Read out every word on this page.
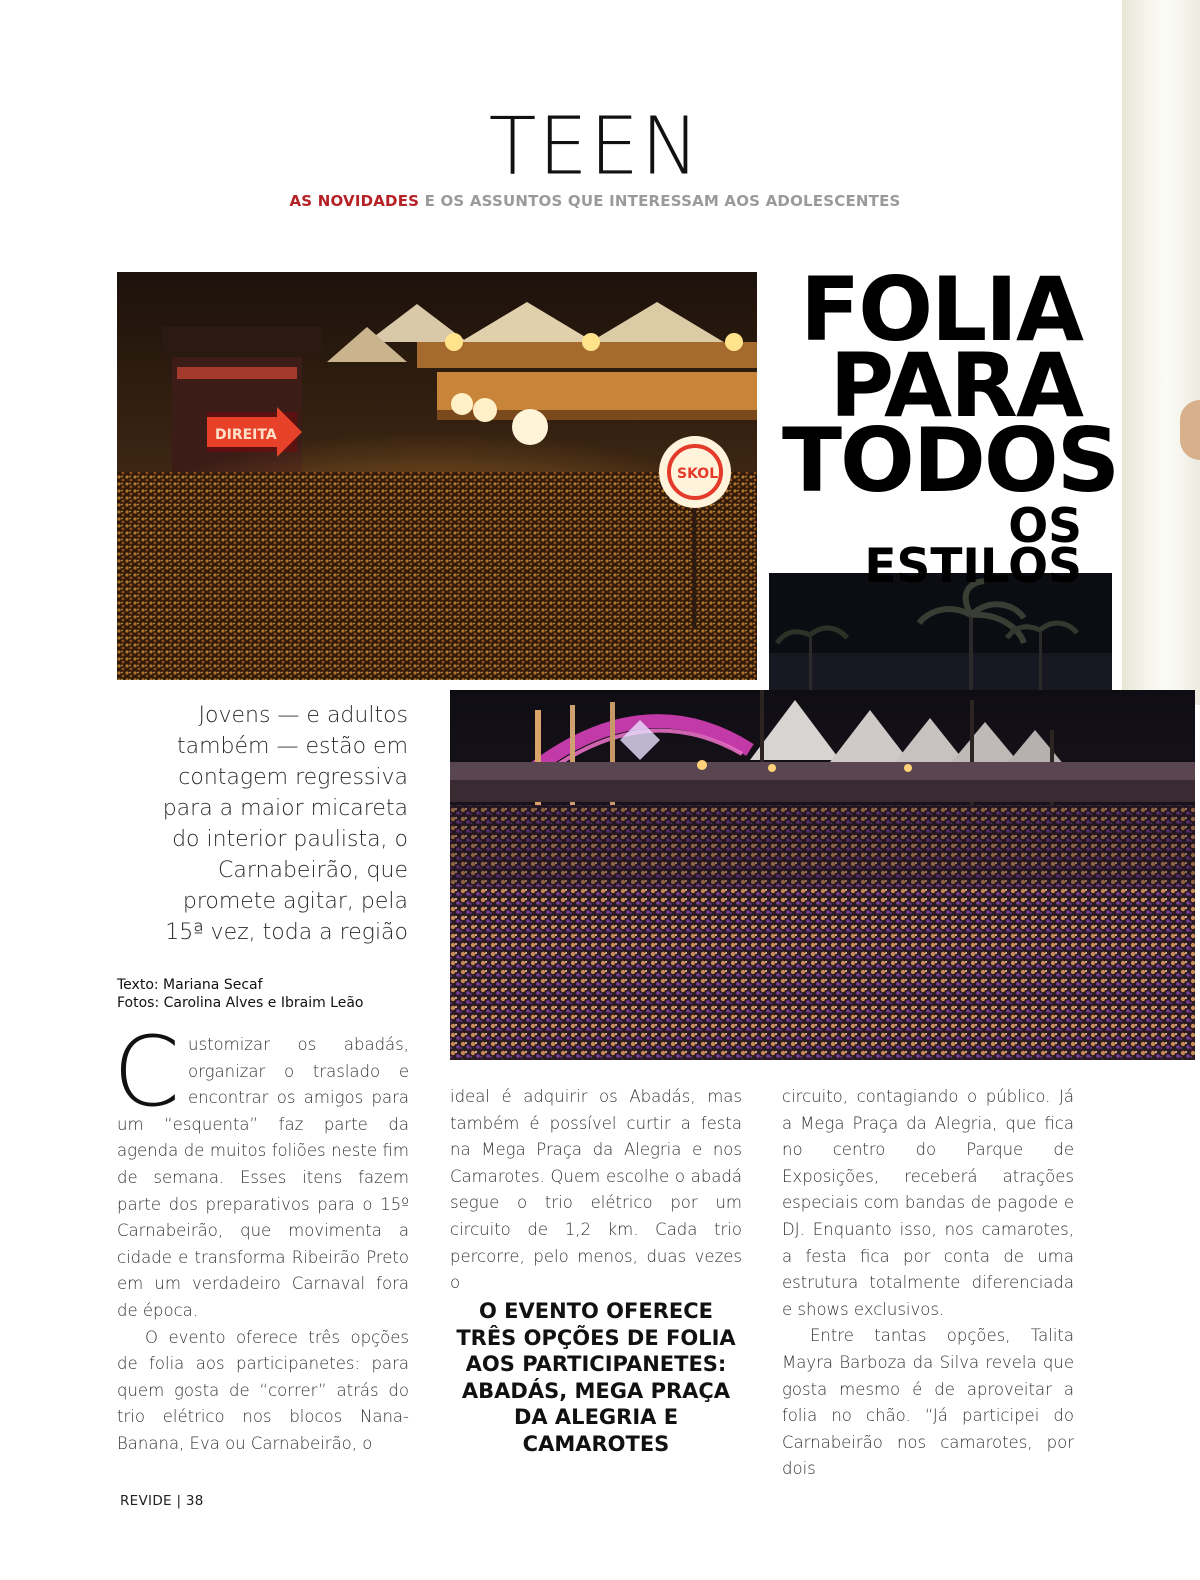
TEEN
AS NOVIDADES E OS ASSUNTOS QUE INTERESSAM AOS ADOLESCENTES
SKOL
FOLIA
PARA
TODOS
OS ESTILOS
Jovens — e adultos também — estão em contagem regressiva para a maior micareta do interior paulista, o Carnabeirão, que promete agitar, pela 15ª vez, toda a região
Texto: Mariana Secaf
Fotos: Carolina Alves e Ibraim Leão

Customizar os abadás, organizar o traslado e encontrar os amigos para um “esquenta” faz parte da agenda de muitos foliões neste fim de semana. Esses itens fazem parte dos preparativos para o 15º Carnabeirão, que movimenta a cidade e transforma Ribeirão Preto em um verdadeiro Carnaval fora de época.

O evento oferece três opções de folia aos participanetes: para quem gosta de “correr” atrás do trio elétrico nos blocos Nana-Banana, Eva ou Carnabeirão, o

ideal é adquirir os Abadás, mas também é possível curtir a festa na Mega Praça da Alegria e nos Camarotes. Quem escolhe o abadá segue o trio elétrico por um circuito de 1,2 km. Cada trio percorre, pelo menos, duas vezes o

O EVENTO OFERECE TRÊS OPÇÕES DE FOLIA AOS PARTICIPANETES: ABADÁS, MEGA PRAÇA DA ALEGRIA E CAMAROTES

circuito, contagiando o público. Já a Mega Praça da Alegria, que fica no centro do Parque de Exposições, receberá atrações especiais com bandas de pagode e DJ. Enquanto isso, nos camarotes, a festa fica por conta de uma estrutura totalmente diferenciada e shows exclusivos.

Entre tantas opções, Talita Mayra Barboza da Silva revela que gosta mesmo é de aproveitar a folia no chão. “Já participei do Carnabeirão nos camarotes, por dois

REVIDE | 38
